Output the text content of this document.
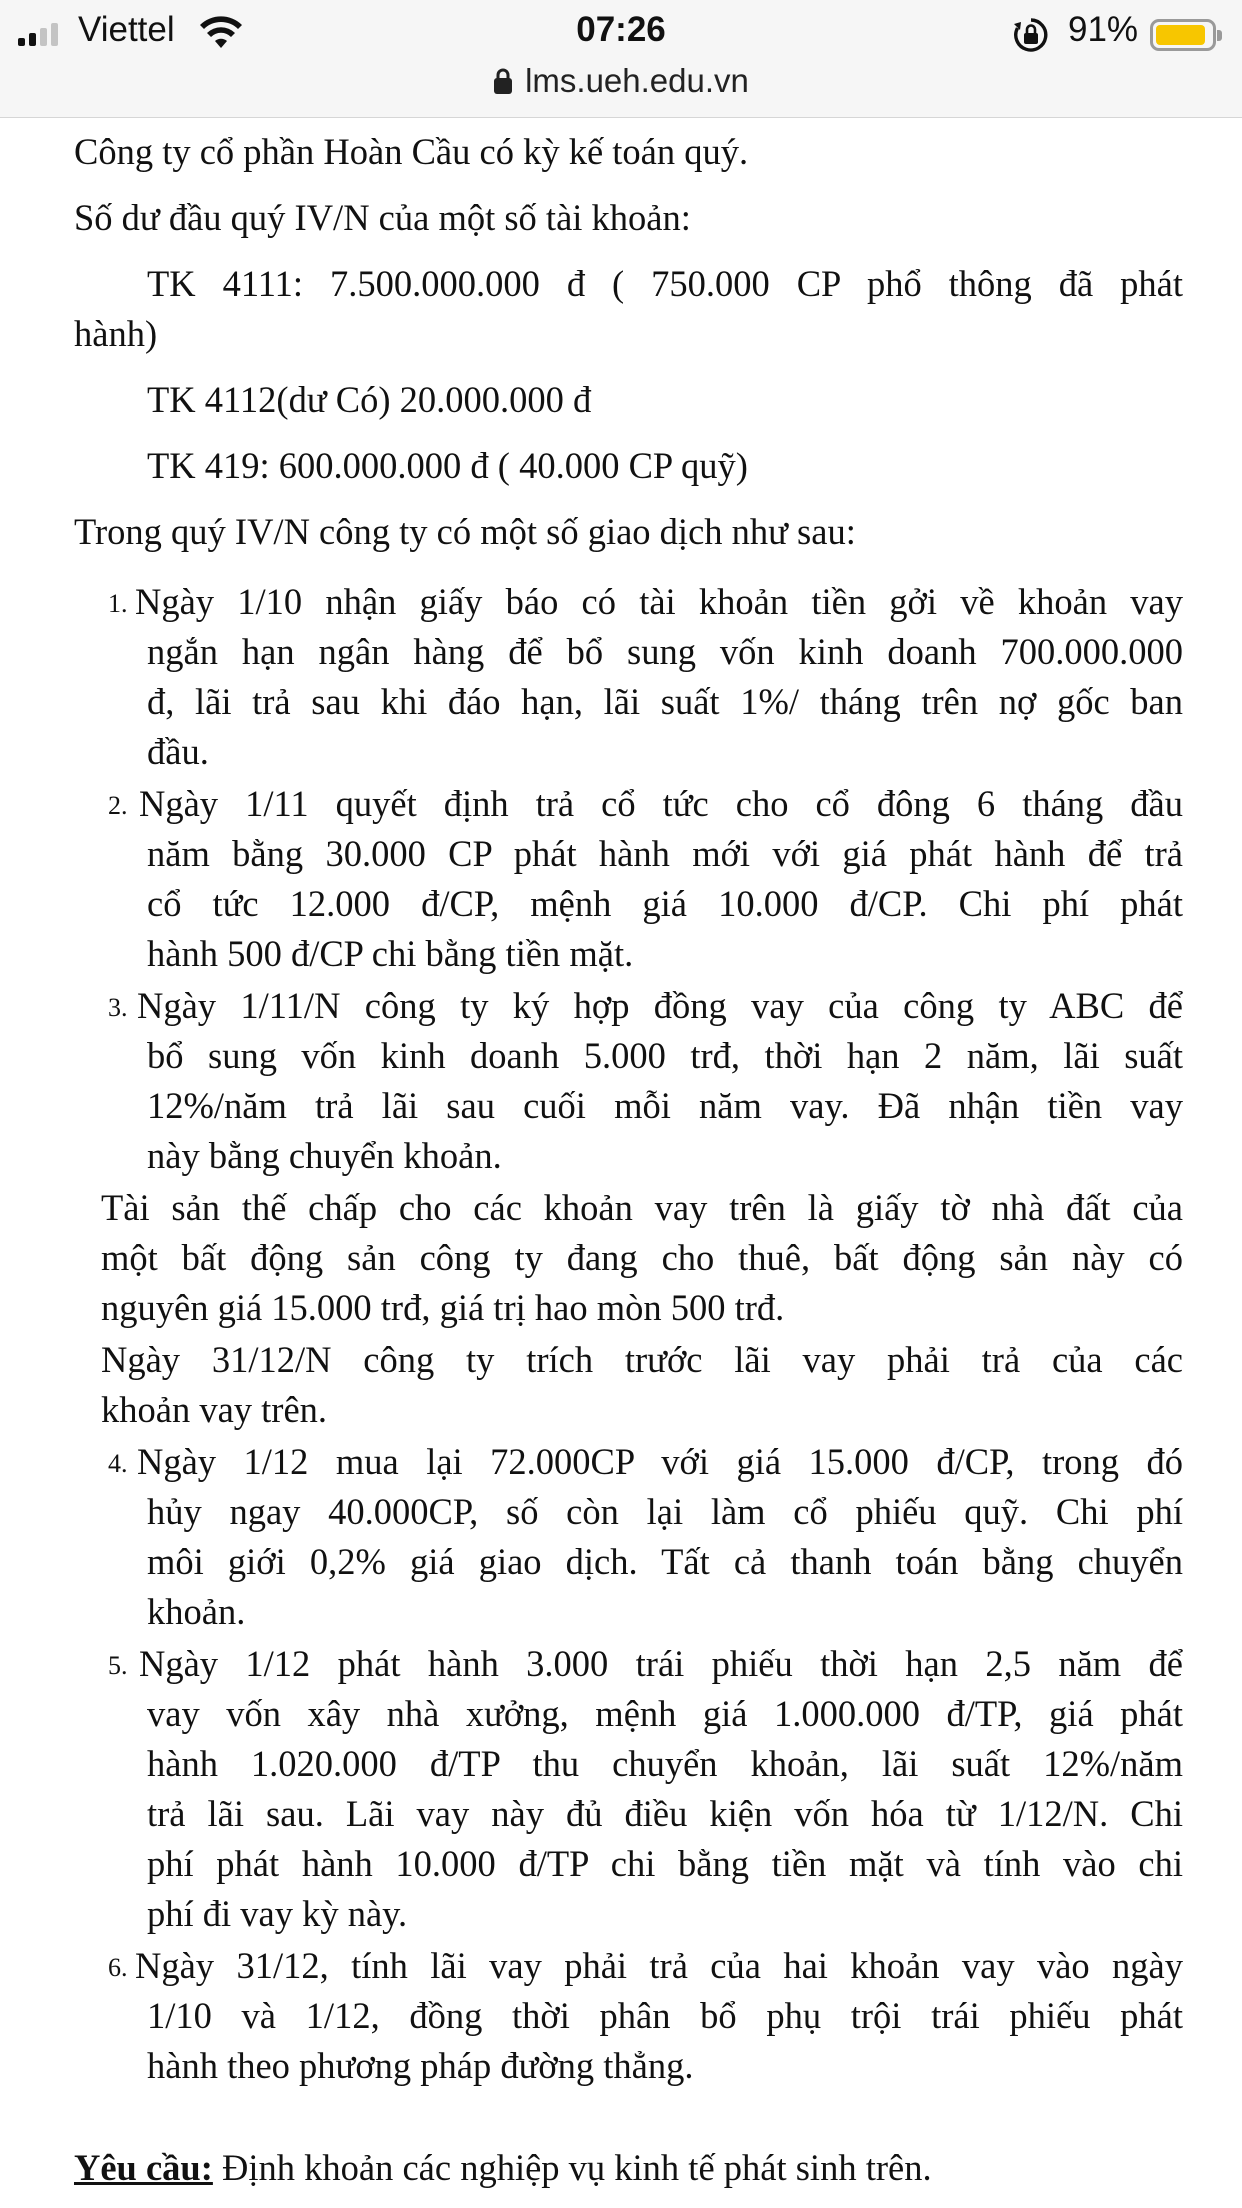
Viettel	07:26	91%
lms.ueh.edu.vn
Công ty cổ phần Hoàn Cầu có kỳ kế toán quý.
Số dư đầu quý IV/N của một số tài khoản:
TK 4111: 7.500.000.000 đ ( 750.000 CP phổ thông đã phát
hành)
TK 4112(dư Có) 20.000.000 đ
TK 419: 600.000.000 đ ( 40.000 CP quỹ)
Trong quý IV/N công ty có một số giao dịch như sau:
1. Ngày 1/10 nhận giấy báo có tài khoản tiền gởi về khoản vay
ngắn hạn ngân hàng để bổ sung vốn kinh doanh 700.000.000
đ, lãi trả sau khi đáo hạn, lãi suất 1%/ tháng trên nợ gốc ban
đầu.
2. Ngày 1/11 quyết định trả cổ tức cho cổ đông 6 tháng đầu
năm bằng 30.000 CP phát hành mới với giá phát hành để trả
cổ tức 12.000 đ/CP, mệnh giá 10.000 đ/CP. Chi phí phát
hành 500 đ/CP chi bằng tiền mặt.
3. Ngày 1/11/N công ty ký hợp đồng vay của công ty ABC để
bổ sung vốn kinh doanh 5.000 trđ, thời hạn 2 năm, lãi suất
12%/năm trả lãi sau cuối mỗi năm vay. Đã nhận tiền vay
này bằng chuyển khoản.
Tài sản thế chấp cho các khoản vay trên là giấy tờ nhà đất của
một bất động sản công ty đang cho thuê, bất động sản này có
nguyên giá 15.000 trđ, giá trị hao mòn 500 trđ.
Ngày 31/12/N công ty trích trước lãi vay phải trả của các
khoản vay trên.
4. Ngày 1/12 mua lại 72.000CP với giá 15.000 đ/CP, trong đó
hủy ngay 40.000CP, số còn lại làm cổ phiếu quỹ. Chi phí
môi giới 0,2% giá giao dịch. Tất cả thanh toán bằng chuyển
khoản.
5. Ngày 1/12 phát hành 3.000 trái phiếu thời hạn 2,5 năm để
vay vốn xây nhà xưởng, mệnh giá 1.000.000 đ/TP, giá phát
hành 1.020.000 đ/TP thu chuyển khoản, lãi suất 12%/năm
trả lãi sau. Lãi vay này đủ điều kiện vốn hóa từ 1/12/N. Chi
phí phát hành 10.000 đ/TP chi bằng tiền mặt và tính vào chi
phí đi vay kỳ này.
6. Ngày 31/12, tính lãi vay phải trả của hai khoản vay vào ngày
1/10 và 1/12, đồng thời phân bổ phụ trội trái phiếu phát
hành theo phương pháp đường thẳng.
Yêu cầu: Định khoản các nghiệp vụ kinh tế phát sinh trên.
